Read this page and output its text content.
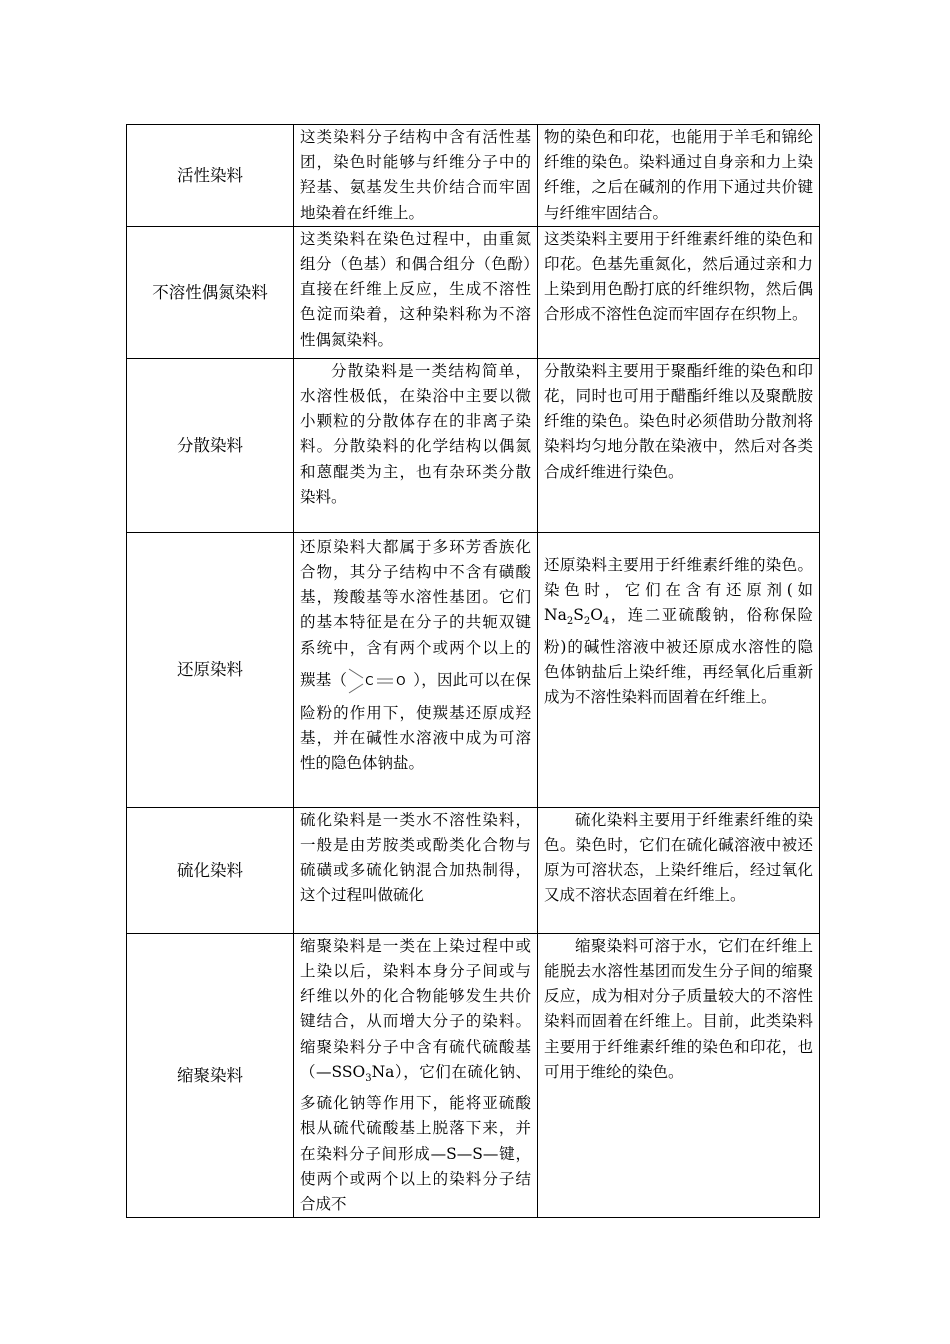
活性染料	这类染料分子结构中含有活性基团，染色时能够与纤维分子中的羟基、氨基发生共价结合而牢固地染着在纤维上。	物的染色和印花，也能用于羊毛和锦纶纤维的染色。染料通过自身亲和力上染纤维，之后在碱剂的作用下通过共价键与纤维牢固结合。

不溶性偶氮染料	这类染料在染色过程中，由重氮组分（色基）和偶合组分（色酚）直接在纤维上反应，生成不溶性色淀而染着，这种染料称为不溶性偶氮染料。	这类染料主要用于纤维素纤维的染色和印花。色基先重氮化，然后通过亲和力上染到用色酚打底的纤维织物，然后偶合形成不溶性色淀而牢固存在织物上。

分散染料	分散染料是一类结构简单，水溶性极低，在染浴中主要以微小颗粒的分散体存在的非离子染料。分散染料的化学结构以偶氮和蒽醌类为主，也有杂环类分散染料。	分散染料主要用于聚酯纤维的染色和印花，同时也可用于醋酯纤维以及聚酰胺纤维的染色。染色时必须借助分散剂将染料均匀地分散在染液中，然后对各类合成纤维进行染色。

还原染料	还原染料大都属于多环芳香族化合物，其分子结构中不含有磺酸基，羧酸基等水溶性基团。它们的基本特征是在分子的共轭双键系统中，含有两个或两个以上的羰基（ C O ），因此可以在保险粉的作用下，使羰基还原成羟基，并在碱性水溶液中成为可溶性的隐色体钠盐。	还原染料主要用于纤维素纤维的染色。染色时，它们在含有还原剂(如$Na_2S_2O_4$，连二亚硫酸钠，俗称保险粉)的碱性溶液中被还原成水溶性的隐色体钠盐后上染纤维，再经氧化后重新成为不溶性染料而固着在纤维上。

硫化染料	硫化染料是一类水不溶性染料，一般是由芳胺类或酚类化合物与硫磺或多硫化钠混合加热制得，这个过程叫做硫化	硫化染料主要用于纤维素纤维的染色。染色时，它们在硫化碱溶液中被还原为可溶状态，上染纤维后，经过氧化又成不溶状态固着在纤维上。

缩聚染料	缩聚染料是一类在上染过程中或上染以后，染料本身分子间或与纤维以外的化合物能够发生共价键结合，从而增大分子的染料。缩聚染料分子中含有硫代硫酸基$(—SSO_3Na)$，它们在硫化钠、多硫化钠等作用下，能将亚硫酸根从硫代硫酸基上脱落下来，并在染料分子间形成—S—S—键，使两个或两个以上的染料分子结合成不	缩聚染料可溶于水，它们在纤维上能脱去水溶性基团而发生分子间的缩聚反应，成为相对分子质量较大的不溶性染料而固着在纤维上。目前，此类染料主要用于纤维素纤维的染色和印花，也可用于维纶的染色。
